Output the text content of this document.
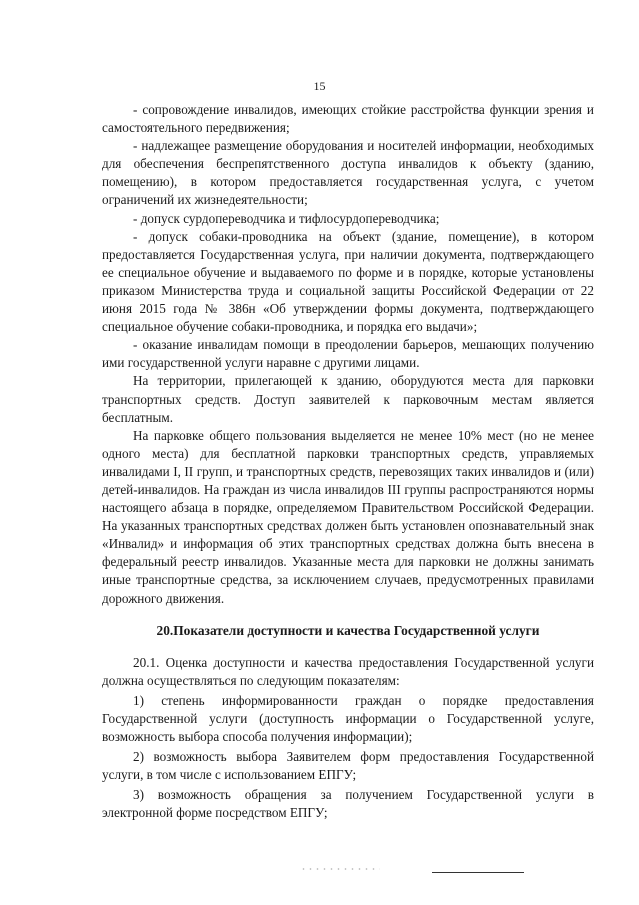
15

- сопровождение инвалидов, имеющих стойкие расстройства функции зрения и самостоятельного передвижения;

- надлежащее размещение оборудования и носителей информации, необходимых для обеспечения беспрепятственного доступа инвалидов к объекту (зданию, помещению), в котором предоставляется государственная услуга, с учетом ограничений их жизнедеятельности;

- допуск сурдопереводчика и тифлосурдопереводчика;

- допуск собаки-проводника на объект (здание, помещение), в котором предоставляется Государственная услуга, при наличии документа, подтверждающего ее специальное обучение и выдаваемого по форме и в порядке, которые установлены приказом Министерства труда и социальной защиты Российской Федерации от 22 июня 2015 года № 386н «Об утверждении формы документа, подтверждающего специальное обучение собаки-проводника, и порядка его выдачи»;

- оказание инвалидам помощи в преодолении барьеров, мешающих получению ими государственной услуги наравне с другими лицами.

На территории, прилегающей к зданию, оборудуются места для парковки транспортных средств. Доступ заявителей к парковочным местам является бесплатным.

На парковке общего пользования выделяется не менее 10% мест (но не менее одного места) для бесплатной парковки транспортных средств, управляемых инвалидами I, II групп, и транспортных средств, перевозящих таких инвалидов и (или) детей-инвалидов. На граждан из числа инвалидов III группы распространяются нормы настоящего абзаца в порядке, определяемом Правительством Российской Федерации. На указанных транспортных средствах должен быть установлен опознавательный знак «Инвалид» и информация об этих транспортных средствах должна быть внесена в федеральный реестр инвалидов. Указанные места для парковки не должны занимать иные транспортные средства, за исключением случаев, предусмотренных правилами дорожного движения.

20.Показатели доступности и качества Государственной услуги

20.1. Оценка доступности и качества предоставления Государственной услуги должна осуществляться по следующим показателям:

1) степень информированности граждан о порядке предоставления Государственной услуги (доступность информации о Государственной услуге, возможность выбора способа получения информации);

2) возможность выбора Заявителем форм предоставления Государственной услуги, в том числе с использованием ЕПГУ;

3) возможность обращения за получением Государственной услуги в электронной форме посредством ЕПГУ;
